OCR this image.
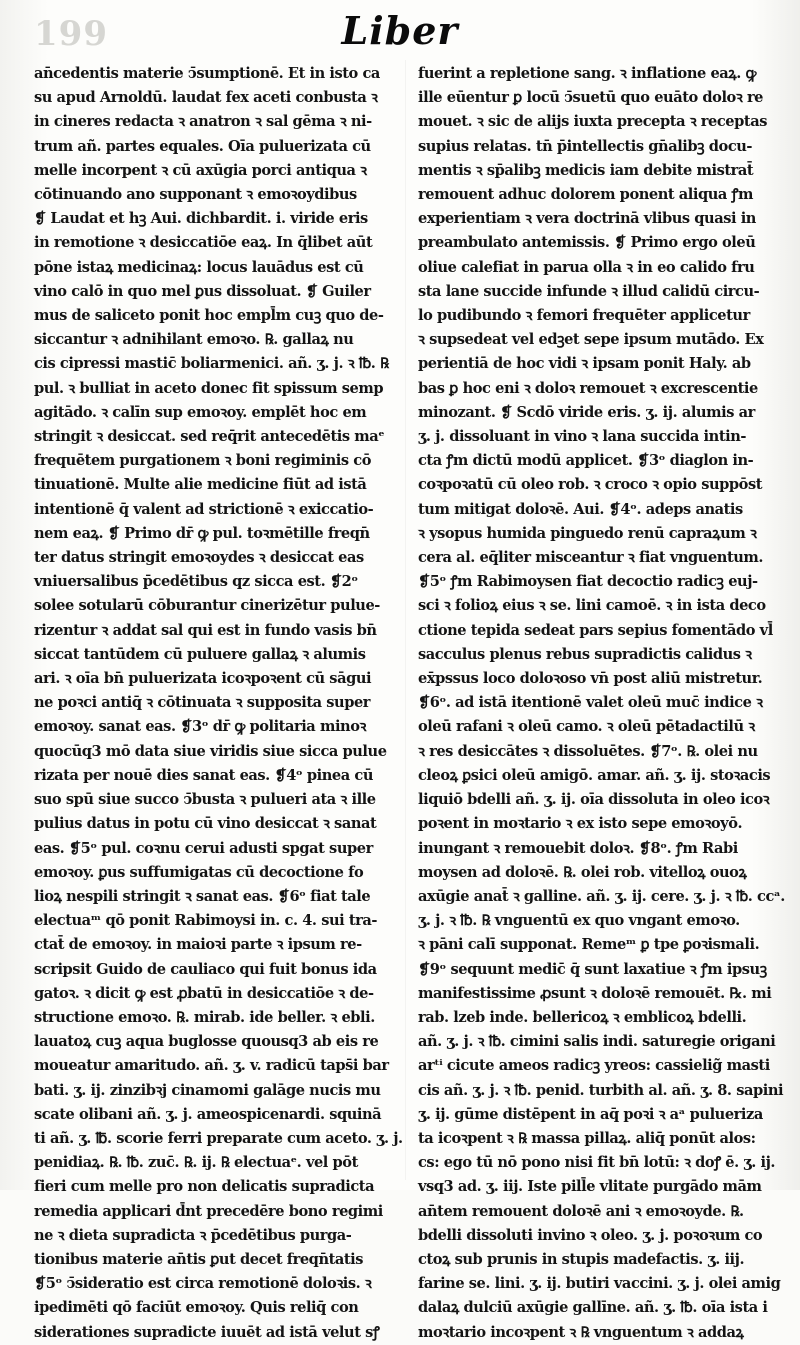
199	Liber
an̄cedentis materie ↄ̄sumptionē. Et in isto ca
su apud Arnoldū. laudat fex aceti conbusta ꝛ
in cineres redacta ꝛ anatron ꝛ sal gēma ꝛ ni-
trum añ. partes equales. Oīa puluerizata cū
melle incorpent ꝛ cū axūgia porci antiqua ꝛ
cōtinuando ano supponant ꝛ emoꝛoydibus
❡ Laudat et hꝫ Aui. dichbardit. i. viride eris
in remotione ꝛ desiccatiōe eaꝝ. In q̄libet aūt
pōne istaꝝ medicinaꝝ: locus lauādus est cū
vino calō in quo mel ꝑus dissoluat. ❡ Guiler
mus de saliceto ponit hoc empl̄m cuꝫ quo de-
siccantur ꝛ adnihilant emoꝛo. ℞. gallaꝝ nu
cis cipressi mastic̄ boliarmenici. añ. ʒ. j. ꝛ ℔. ℞
pul. ꝛ bulliat in aceto donec fit spissum semp
agitādo. ꝛ calīn sup emoꝛoy. emplēt hoc em
stringit ꝛ desiccat. sed req̄rit antecedētis maᵉ
frequētem purgationem ꝛ boni regiminis cō
tinuationē. Multe alie medicine fiūt ad istā
intentionē q̄ valent ad strictionē ꝛ exiccatio-
nem eaꝝ. ❡ Primo dr̄ ꝙ pul. toꝛmētille freqn̄
ter datus stringit emoꝛoydes ꝛ desiccat eas
vniuersalibus p̄cedētibus qz sicca est. ❡2ᵒ
solee sotularū cōburantur cinerizētur pulue-
rizentur ꝛ addat sal qui est in fundo vasis bn̄
siccat tantūdem cū puluere gallaꝝ ꝛ alumis
ari. ꝛ oīa bn̄ puluerizata icoꝛpoꝛent cū sāgui
ne poꝛci antiq̄ ꝛ cōtinuata ꝛ supposita super
emoꝛoy. sanat eas. ❡3ᵒ dr̄ ꝙ politaria minoꝛ
quocūq3 mō data siue viridis siue sicca pulue
rizata per nouē dies sanat eas. ❡4ᵒ pinea cū
suo spū siue succo ↄ̄busta ꝛ pulueri ata ꝛ ille
pulius datus in potu cū vino desiccat ꝛ sanat
eas. ❡5ᵒ pul. coꝛnu cerui adusti spgat super
emoꝛoy. ꝑus suffumigatas cū decoctione fo
lioꝝ nespili stringit ꝛ sanat eas. ❡6ᵒ fiat tale
electuaᵐ qō ponit Rabimoysi in. c. 4. sui tra-
ctat̄ de emoꝛoy. in maioꝛi parte ꝛ ipsum re-
scripsit Guido de cauliaco qui fuit bonus ida
gatoꝛ. ꝛ dicit ꝙ est ꝓbatū in desiccatiōe ꝛ de-
structione emoꝛo. ℞. mirab. ide beller. ꝛ ebli.
lauatoꝝ cuꝫ aqua buglosse quousq3 ab eis re
moueatur amaritudo. añ. ʒ. v. radicū taps̄i bar
bati. ʒ. ij. zinzibꝛj cinamomi galāge nucis mu
scate olibani añ. ʒ. j. ameospicenardi. squinā
ti añ. ʒ. ℔. scorie ferri preparate cum aceto. ʒ. j.
penidiaꝝ. ℞. ℔. zuc̄. ℞. ij. ℞ electuaᵉ. vel pōt
fieri cum melle pro non delicatis supradicta
remedia applicari d̄nt precedēre bono regimi
ne ꝛ dieta supradicta ꝛ p̄cedētibus purga-
tionibus materie an̄tis ꝑut decet freqn̄tatis
❡5ᵒ ↄ̄sideratio est circa remotionē doloꝛis. ꝛ
ipedimēti qō faciūt emoꝛoy. Quis reliq̄ con
siderationes supradicte iuuēt ad istā velut sꝭ
fuerint a repletione sang. ꝛ inflatione eaꝝ. ꝙ
ille eūentur ꝑ locū ↄ̄suetū quo euāto doloꝛ re
mouet. ꝛ sic de alijs iuxta precepta ꝛ receptas
supius relatas. tn̄ p̄intellectis gn̄alibꝫ docu-
mentis ꝛ sp̄alibꝫ medicis iam debite mistrat̄
remouent adhuc dolorem ponent aliqua ꝭm
experientiam ꝛ vera doctrinā vlibus quasi in
preambulato antemissis. ❡ Primo ergo oleū
oliue calefiat in parua olla ꝛ in eo calido fru
sta lane succide infunde ꝛ illud calidū circu-
lo pudibundo ꝛ femori frequēter applicetur
ꝛ supsedeat vel edꝫet sepe ipsum mutādo. Ex
perientiā de hoc vidi ꝛ ipsam ponit Haly. ab
bas ꝑ hoc eni ꝛ doloꝛ remouet ꝛ excrescentie
minozant. ❡ Scdō viride eris. ʒ. ij. alumis ar
ʒ. j. dissoluant in vino ꝛ lana succida intin-
cta ꝭm dictū modū applicet. ❡3ᵒ diaglon in-
coꝛpoꝛatū cū oleo rob. ꝛ croco ꝛ opio suppōst
tum mitigat doloꝛē. Aui. ❡4ᵒ. adeps anatis
ꝛ ysopus humida pinguedo renū capraꝝum ꝛ
cera al. eq̄liter misceantur ꝛ fiat vnguentum.
❡5ᵒ ꝭm Rabimoysen fiat decoctio radicꝫ euj-
sci ꝛ folioꝝ eius ꝛ se. lini camoē. ꝛ in ista deco
ctione tepida sedeat pars sepius fomentādo vl̄
sacculus plenus rebus supradictis calidus ꝛ
ex̄pssus loco doloꝛoso vn̄ post aliū mistretur.
❡6ᵒ. ad istā itentionē valet oleū muc̄ indice ꝛ
oleū rafani ꝛ oleū camo. ꝛ oleū pētadactilū ꝛ
ꝛ res desiccātes ꝛ dissoluētes. ❡7ᵒ. ℞. olei nu
cleoꝝ ꝑsici oleū amigō. amar. añ. ʒ. ij. stoꝛacis
liquiō bdelli añ. ʒ. ij. oīa dissoluta in oleo icoꝛ
poꝛent in moꝛtario ꝛ ex isto sepe emoꝛoyō.
inungant ꝛ remouebit doloꝛ. ❡8ᵒ. ꝭm Rabi
moysen ad doloꝛē. ℞. olei rob. vitelloꝝ ouoꝝ
axūgie anat̄ ꝛ galline. añ. ʒ. ij. cere. ʒ. j. ꝛ ℔. ccᵃ.
ʒ. j. ꝛ ℔. ℞ vnguentū ex quo vngant emoꝛo.
ꝛ pāni calī supponat. Remeᵐ ꝑ tpe ꝑoꝛismali.
❡9ᵒ sequunt medic̄ q̄ sunt laxatiue ꝛ ꝭm ipsuꝫ
manifestissime ꝓsunt ꝛ doloꝛē remouēt. ℞. mi
rab. lzeb inde. bellericoꝝ ꝛ emblicoꝝ bdelli.
añ. ʒ. j. ꝛ ℔. cimini salis indi. saturegie origani
arᵗⁱ cicute ameos radicꝫ yreos: cassielig̃ masti
cis añ. ʒ. j. ꝛ ℔. penid. turbith al. añ. ʒ. 8. sapini
ʒ. ij. gūme distēpent in aq̄ poꝛi ꝛ aᵃ pulueriza
ta icoꝛpent ꝛ ℞ massa pillaꝝ. aliq̄ ponūt alos:
cs: ego tū nō pono nisi fit bn̄ lotū: ꝛ doꝭ ē. ʒ. ij.
vsq3 ad. ʒ. iij. Iste pill̄e vlitate purgādo mām
an̄tem remouent doloꝛē ani ꝛ emoꝛoyde. ℞.
bdelli dissoluti invino ꝛ oleo. ʒ. j. poꝛoꝛum co
ctoꝝ sub prunis in stupis madefactis. ʒ. iij.
farine se. lini. ʒ. ij. butiri vaccini. ʒ. j. olei amig
dalaꝝ dulciū axūgie gallīne. añ. ʒ. ℔. oīa ista i
moꝛtario incoꝛpent ꝛ ℞ vnguentum ꝛ addaꝝ
